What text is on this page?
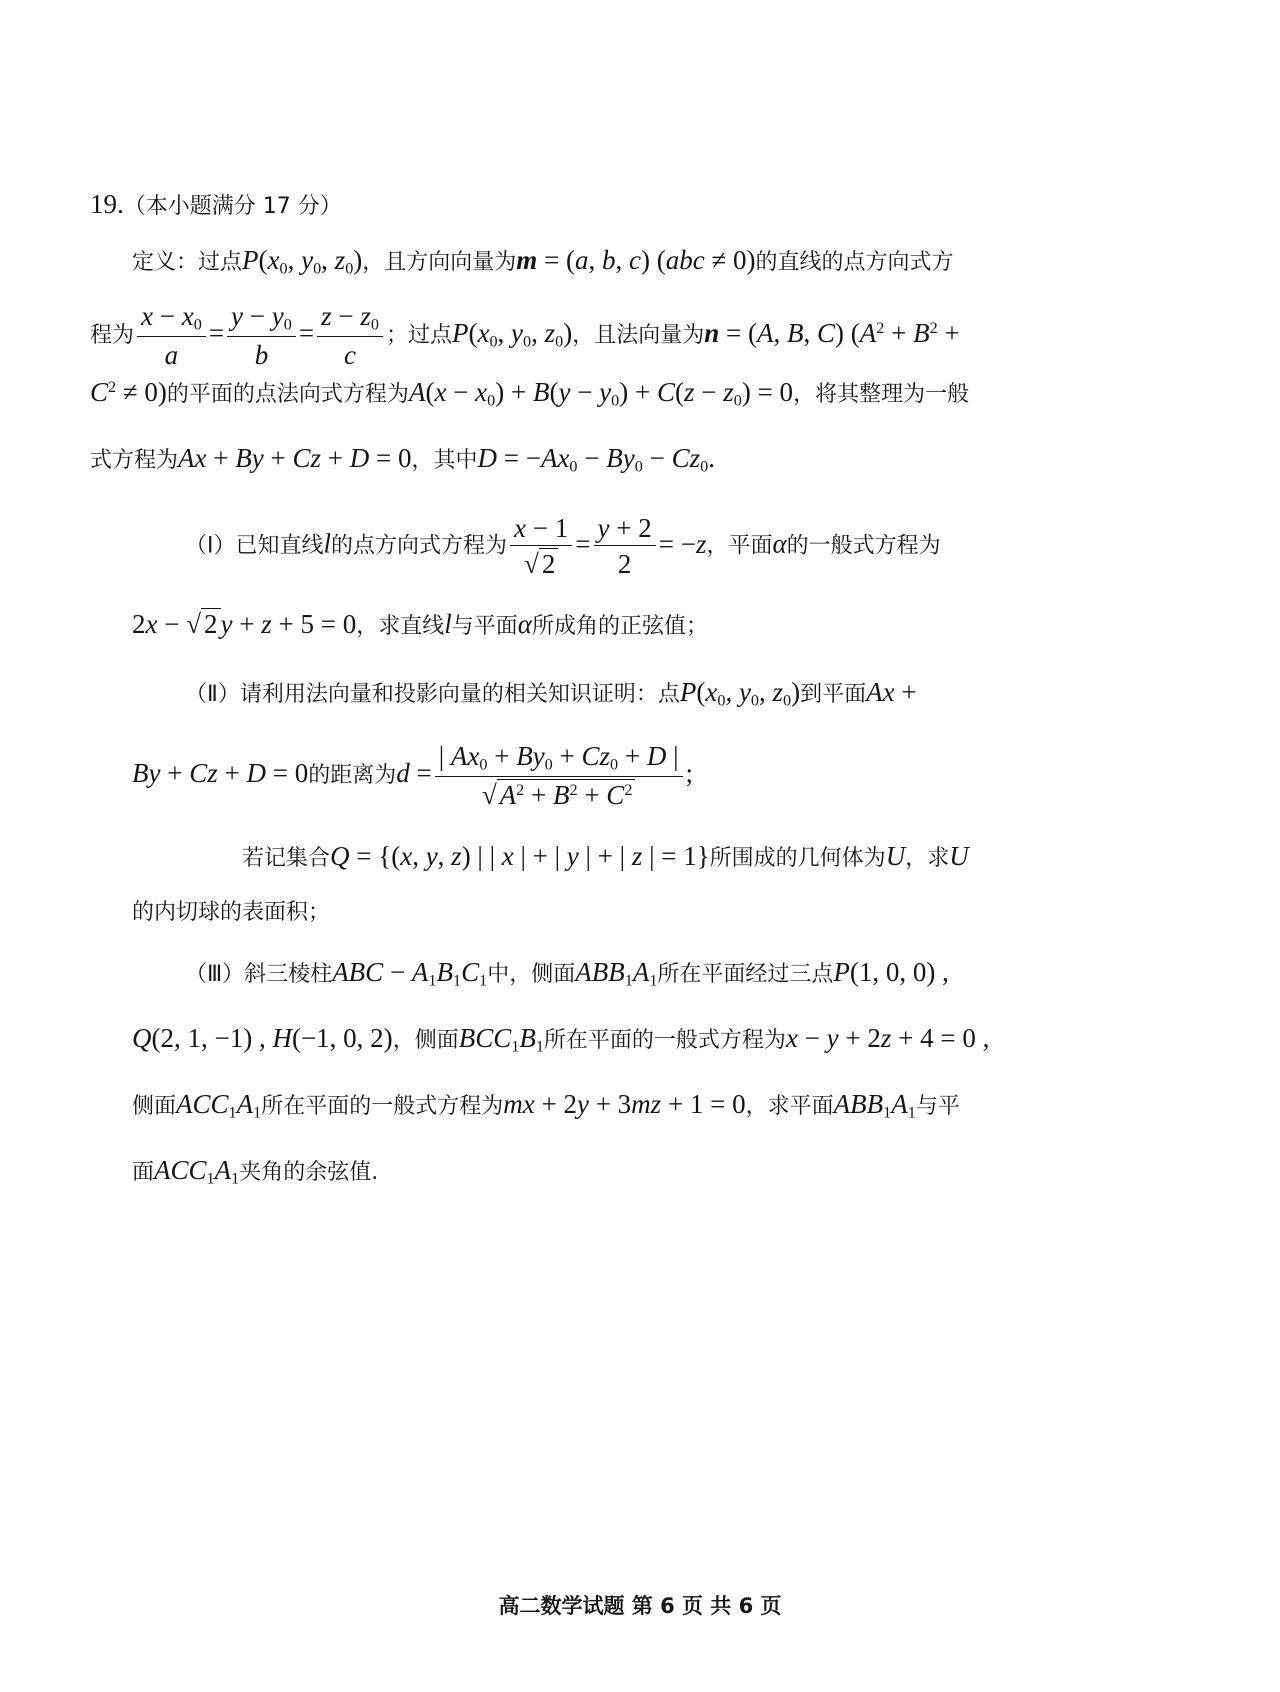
19.（本小题满分 17 分）
定义：过点$P(x_0$, $y_0$, $z_0$)，且方向向量为m = (a, b, c) (abc ≠ 0)的直线的点方向式方
程为 $\frac{x - x_0}{a} = \frac{y - y_0}{b} = \frac{z - z_0}{c}$ ；过点$P(x_0$, $y_0$, $z_0$)，且法向量为n = (A, B, C) ($A^2 + B^2$ +
$C^2 \ne 0$)的平面的点法向式方程为$A(x - x_0) + B(y - y_0) + C(z - z_0) = 0$，将其整理为一般
式方程为Ax + By + Cz + D = 0，其中$D = -Ax_0 - By_0 - Cz_0$.
（Ⅰ）已知直线l的点方向式方程为 $\frac{x - 1}{√ 2} = \frac{y + 2}{2} = -z$，平面α的一般式方程为
2x − √ 2 y + z + 5 = 0，求直线l与平面α所成角的正弦值；
（Ⅱ）请利用法向量和投影向量的相关知识证明：点$P(x_0$, $y_0$, $z_0$)到平面Ax +
By + Cz + D = 0的距离为$d = \frac{| Ax_0 + By_0 + Cz_0 + D |}{√ A^2 + B^2 + C^2}$ ;
若记集合Q = {(x, y, z) | | x | + | y | + | z | = 1}所围成的几何体为U，求U
的内切球的表面积；
（Ⅲ）斜三棱柱ABC − $A_1B_1C_1$中，侧面$ABB_1A_1$所在平面经过三点P(1, 0, 0) ,
Q(2, 1, −1) , H(−1, 0, 2)，侧面$BCC_1B_1$所在平面的一般式方程为x − y + 2z + 4 = 0 ,
侧面$ACC_1A_1$所在平面的一般式方程为mx + 2y + 3mz + 1 = 0，求平面$ABB_1A_1$与平
面$ACC_1A_1$夹角的余弦值.
高二数学试题 第 6 页 共 6 页
